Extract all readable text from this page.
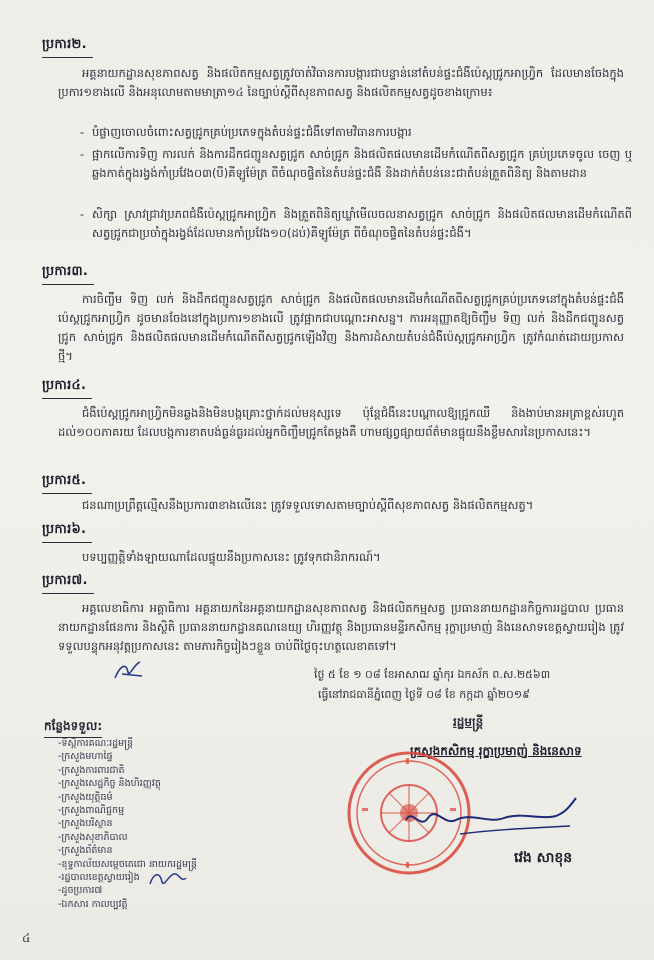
ប្រការ២.
អគ្គនាយកដ្ឋានសុខភាពសត្វ និងផលិតកម្មសត្វត្រូវចាត់វិធានការបង្ការជាបន្ទាន់នៅតំបន់ផ្ទះជំងឺប៉េស្តជ្រូកអាហ្វ្រិក ដែលមានចែងក្នុងប្រការ១ខាងលើ និងអនុលោមតាមមាត្រា១៤ នៃច្បាប់ស្តីពីសុខភាពសត្វ និងផលិតកម្មសត្វដូចខាងក្រោម៖
- បំផ្លាញចោលចំពោះសត្វជ្រូកគ្រប់ប្រភេទក្នុងតំបន់ផ្ទះជំងឺទៅតាមវិធានការបង្ការ
- ផ្អាកលើការទិញ ការលក់ និងការដឹកជញ្ជូនសត្វជ្រូក សាច់ជ្រូក និងផលិតផលមានដើមកំណើតពីសត្វជ្រូក គ្រប់ប្រភេទចូល ចេញ ឬឆ្លងកាត់ក្នុងរង្វង់កាំប្រវែង០៣(បី)គីឡូម៉ែត្រ ពីចំណុចផ្ទិតនៃតំបន់ផ្ទះជំងឺ និងដាក់តំបន់នេះជាតំបន់ត្រួតពិនិត្យ និងតាមដាន
- សិក្សា ស្រាវជ្រាវប្រភពជំងឺប៉េស្តជ្រូកអាហ្វ្រិក និងត្រួតពិនិត្យឃ្លាំមើលចលនាសត្វជ្រូក សាច់ជ្រូក និងផលិតផលមានដើមកំណើតពីសត្វជ្រូកជាប្រចាំក្នុងរង្វង់ដែលមានកាំប្រវែង១០(ដប់)គីឡូម៉ែត្រ ពីចំណុចផ្ទិតនៃតំបន់ផ្ទះជំងឺ។
ប្រការ៣.
ការចិញ្ចឹម ទិញ លក់ និងដឹកជញ្ជូនសត្វជ្រូក សាច់ជ្រូក និងផលិតផលមានដើមកំណើតពីសត្វជ្រូកគ្រប់ប្រភេទនៅក្នុងតំបន់ផ្ទះជំងឺប៉េស្តជ្រូកអាហ្វ្រិក ដូចមានចែងនៅក្នុងប្រការ១ខាងលើ ត្រូវផ្អាកជាបណ្តោះអាសន្ន។ ការអនុញ្ញាតឱ្យចិញ្ចឹម ទិញ លក់ និងដឹកជញ្ជូនសត្វជ្រូក សាច់ជ្រូក និងផលិតផលមានដើមកំណើតពីសត្វជ្រូកឡើងវិញ និងការដំសាយតំបន់ជំងឺប៉េស្តជ្រូកអាហ្វ្រិក ត្រូវកំណត់ដោយប្រកាសថ្មី។
ប្រការ៤.
ជំងឺប៉េស្តជ្រូកអាហ្វ្រិកមិនឆ្លងនិងមិនបង្កគ្រោះថ្នាក់ដល់មនុស្សទេ ប៉ុន្តែជំងឺនេះបណ្តាលឱ្យជ្រូកឈឺ និងងាប់មានអត្រាខ្ពស់រហូតដល់១០០ភាគរយ ដែលបង្កការខាតបង់ធ្ងន់ធ្ងរដល់អ្នកចិញ្ចឹមជ្រូកតែម្តងគឺ ហាមផ្សព្វផ្សាយព័ត៌មានផ្ទុយនឹងខ្លឹមសារនៃប្រកាសនេះ។
ប្រការ៥.
ជនណាប្រព្រឹត្តល្មើសនឹងប្រការ៣ខាងលើនេះ ត្រូវទទួលទោសតាមច្បាប់ស្តីពីសុខភាពសត្វ និងផលិតកម្មសត្វ។
ប្រការ៦.
បទប្បញ្ញត្តិទាំងឡាយណាដែលផ្ទុយនឹងប្រកាសនេះ ត្រូវទុកជានិរាករណ៍។
ប្រការ៧.
អគ្គលេខាធិការ អគ្គាធិការ អគ្គនាយកនៃអគ្គនាយកដ្ឋានសុខភាពសត្វ និងផលិតកម្មសត្វ ប្រធាននាយកដ្ឋានកិច្ចការរដ្ឋបាល ប្រធាននាយកដ្ឋានផែនការ និងស្ថិតិ ប្រធាននាយកដ្ឋានគណនេយ្យ ហិរញ្ញវត្ថុ និងប្រធានមន្ទីរកសិកម្ម រុក្ខាប្រមាញ់ និងនេសាទខេត្តស្វាយរៀង ត្រូវទទួលបន្ទុកអនុវត្តប្រកាសនេះ តាមភារកិច្ចរៀងៗខ្លួន ចាប់ពីថ្ងៃចុះហត្ថលេខាតទៅ។
ថ្ងៃ ៥ ខែ ១ ០៨ ខែអាសាឍ ឆ្នាំកុរ ឯកស័ក ព.ស.២៥៦៣
ធ្វើនៅរាជធានីភ្នំពេញ ថ្ងៃទី ០៨ ខែ កក្កដា ឆ្នាំ២០១៩
រដ្ឋមន្ត្រី
ក្រសួងកសិកម្ម រុក្ខាប្រមាញ់ និងនេសាទ
វេង សាខុន
កន្លែងទទួល:
-ទីស្តីការគណៈរដ្ឋមន្ត្រី
-ក្រសួងមហាផ្ទៃ
-ក្រសួងការពារជាតិ
-ក្រសួងសេដ្ឋកិច្ច និងហិរញ្ញវត្ថុ
-ក្រសួងយុត្តិធម៌
-ក្រសួងពាណិជ្ជកម្ម
-ក្រសួងបរិស្ថាន
-ក្រសួងសុខាភិបាល
-ក្រសួងព័ត៌មាន
-ខុទ្ទកាល័យសម្តេចតេជោ នាយករដ្ឋមន្ត្រី
-រដ្ឋបាលខេត្តស្វាយរៀង
-ដូចប្រការ៧
-ឯកសារ កាលប្បវត្តិ
៤
